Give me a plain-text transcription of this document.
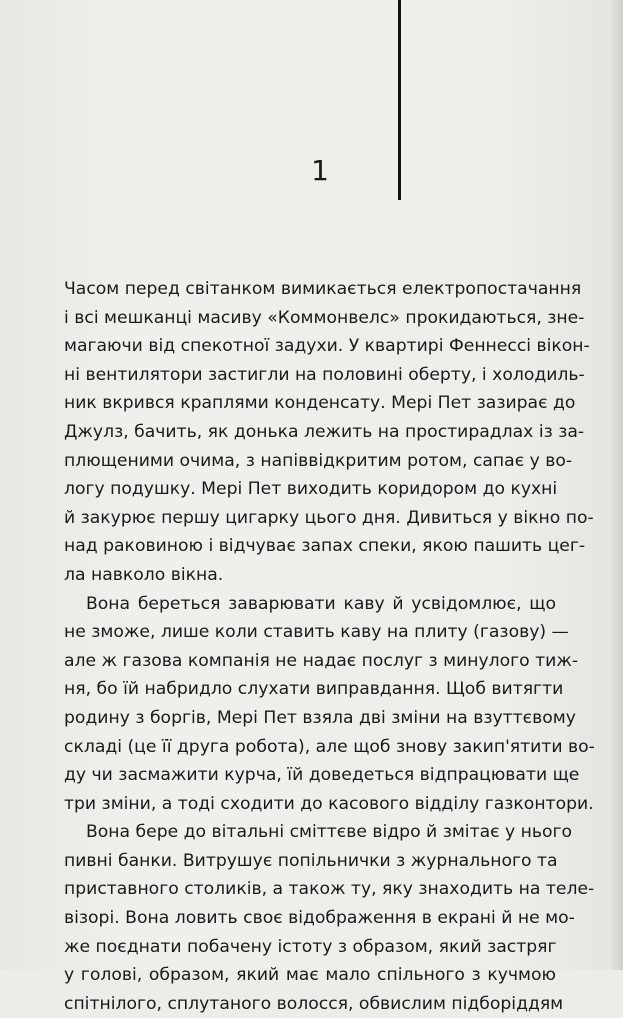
1

Часом перед світанком вимикається електропостачання
і всі мешканці масиву «Коммонвелс» прокидаються, зне-
магаючи від спекотної задухи. У квартирі Феннессі вікон-
ні вентилятори застигли на половині оберту, і холодиль-
ник вкрився краплями конденсату. Мері Пет зазирає до
Джулз, бачить, як донька лежить на простирадлах із за-
плющеними очима, з напіввідкритим ротом, сапає у во-
логу подушку. Мері Пет виходить коридором до кухні
й закурює першу цигарку цього дня. Дивиться у вікно по-
над раковиною і відчуває запах спеки, якою пашить цег-
ла навколо вікна.

Вона береться заварювати каву й усвідомлює, що
не зможе, лише коли ставить каву на плиту (газову) —
але ж газова компанія не надає послуг з минулого тиж-
ня, бо їй набридло слухати виправдання. Щоб витягти
родину з боргів, Мері Пет взяла дві зміни на взуттєвому
складі (це її друга робота), але щоб знову закип'ятити во-
ду чи засмажити курча, їй доведеться відпрацювати ще
три зміни, а тоді сходити до касового відділу газконтори.

Вона бере до вітальні сміттєве відро й змітає у нього
пивні банки. Витрушує попільнички з журнального та
приставного столиків, а також ту, яку знаходить на теле-
візорі. Вона ловить своє відображення в екрані й не мо-
же поєднати побачену істоту з образом, який застряг
у голові, образом, який має мало спільного з кучмою
спітнілого, сплутаного волосся, обвислим підборіддям
